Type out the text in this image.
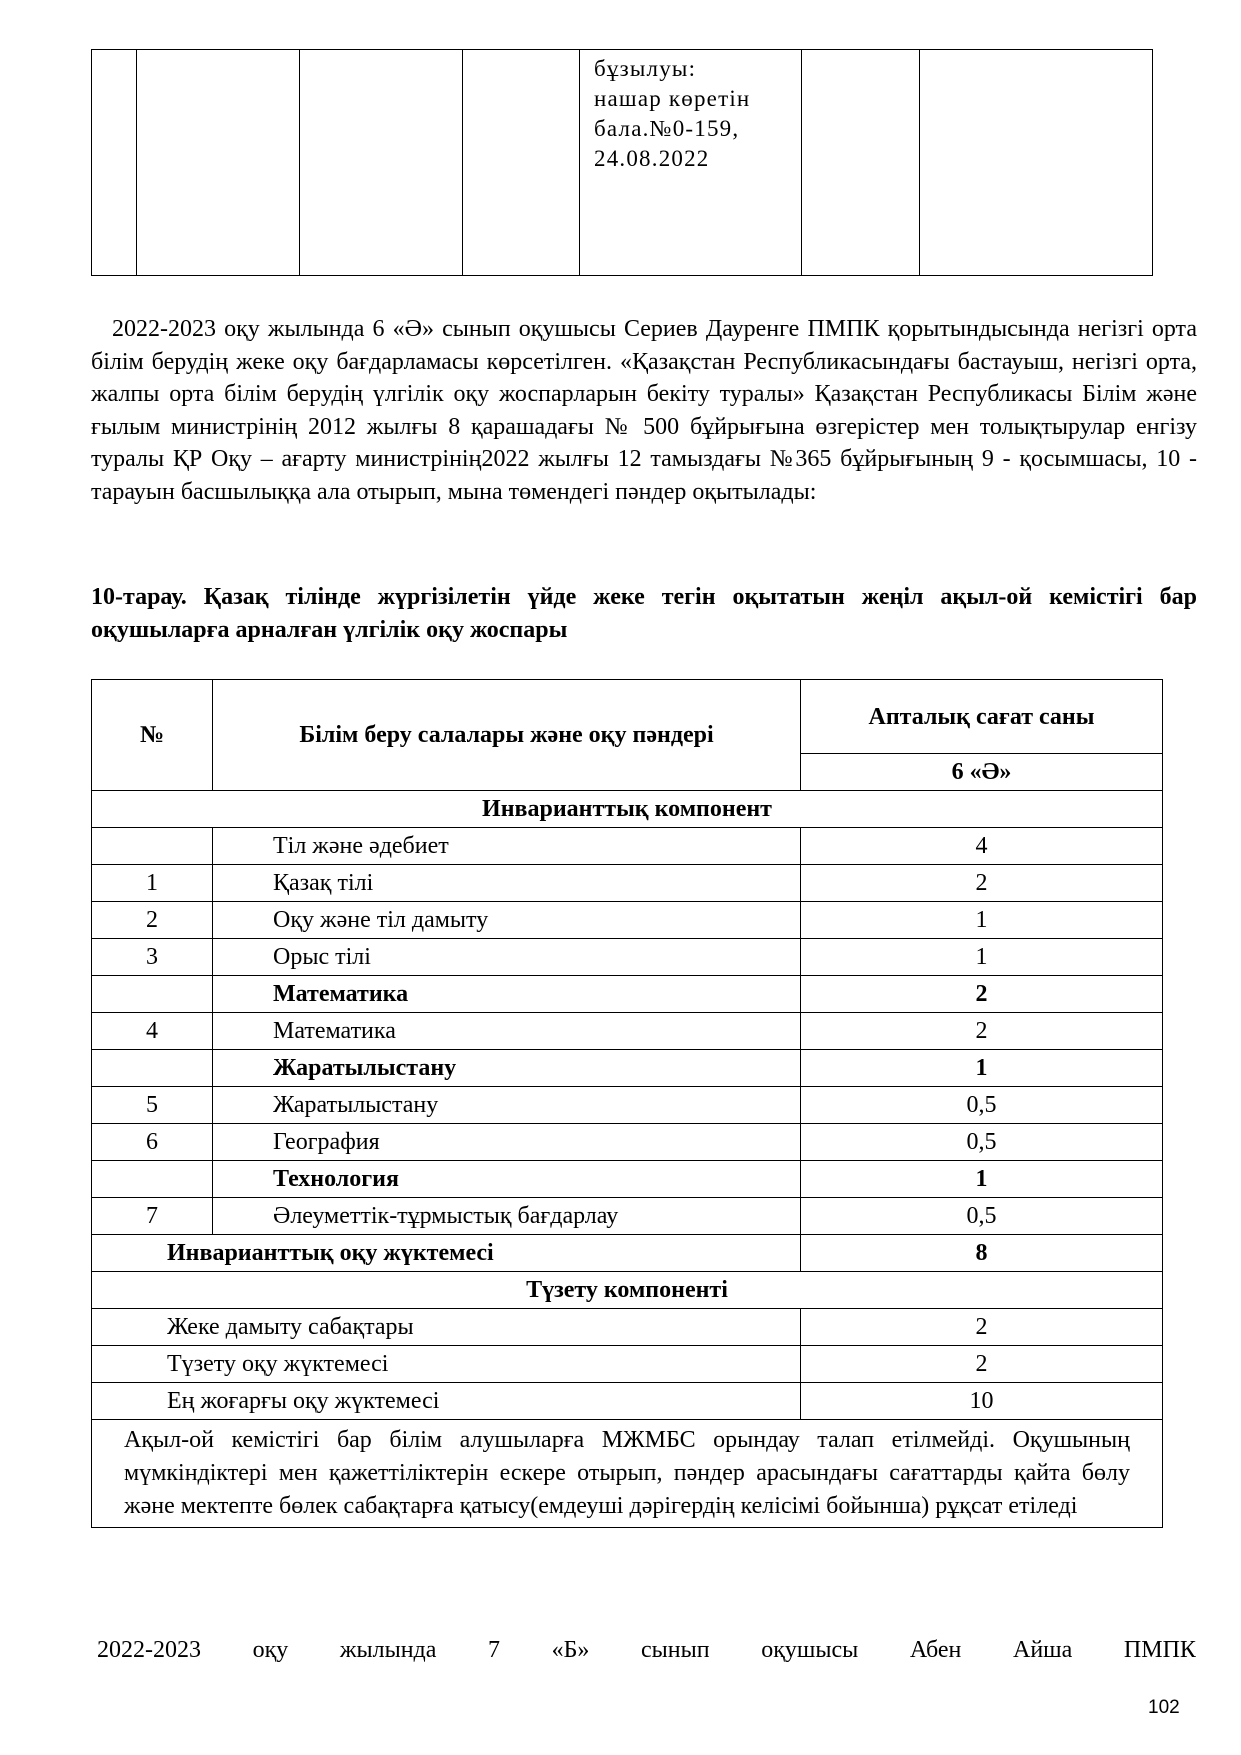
бұзылуы:
нашар көретін
бала.№0-159,
24.08.2022

2022-2023 оқу жылында 6 «Ә» сынып оқушысы Сериев Дауренге ПМПК қорытындысында негізгі орта білім берудің жеке оқу бағдарламасы көрсетілген. «Қазақстан Республикасындағы бастауыш, негізгі орта, жалпы орта білім берудің үлгілік оқу жоспарларын бекіту туралы» Қазақстан Республикасы Білім және ғылым министрінің 2012 жылғы 8 қарашадағы № 500 бұйрығына өзгерістер мен толықтырулар енгізу туралы ҚР Оқу – ағарту министрінің2022 жылғы 12 тамыздағы №365 бұйрығының 9 - қосымшасы, 10 - тарауын басшылыққа ала отырып, мына төмендегі пәндер оқытылады:
10-тарау. Қазақ тілінде жүргізілетін үйде жеке тегін оқытатын жеңіл ақыл-ой кемістігі бар оқушыларға арналған үлгілік оқу жоспары
№	Білім беру салалары және оқу пәндері	Апталық сағат саны
		6 «Ә»
Инварианттық компонент		
	Тіл және әдебиет	4
1	Қазақ тілі	2
2	Оқу және тіл дамыту	1
3	Орыс тілі	1
	Математика	2
4	Математика	2
	Жаратылыстану	1
5	Жаратылыстану	0,5
6	География	0,5
	Технология	1
7	Әлеуметтік-тұрмыстық бағдарлау	0,5
Инварианттық оқу жүктемесі		8
Түзету компоненті		
Жеке дамыту сабақтары		2
Түзету оқу жүктемесі		2
Ең жоғарғы оқу жүктемесі		10
Ақыл-ой кемістігі бар білім алушыларға МЖМБС орындау талап етілмейді. Оқушының мүмкіндіктері мен қажеттіліктерін ескере отырып, пәндер арасындағы сағаттарды қайта бөлу және мектепте бөлек сабақтарға қатысу(емдеуші дәрігердің келісімі бойынша) рұқсат етіледі		
2022-2023 оқу жылында 7 «Б» сынып оқушысы Абен Айша ПМПК
102
